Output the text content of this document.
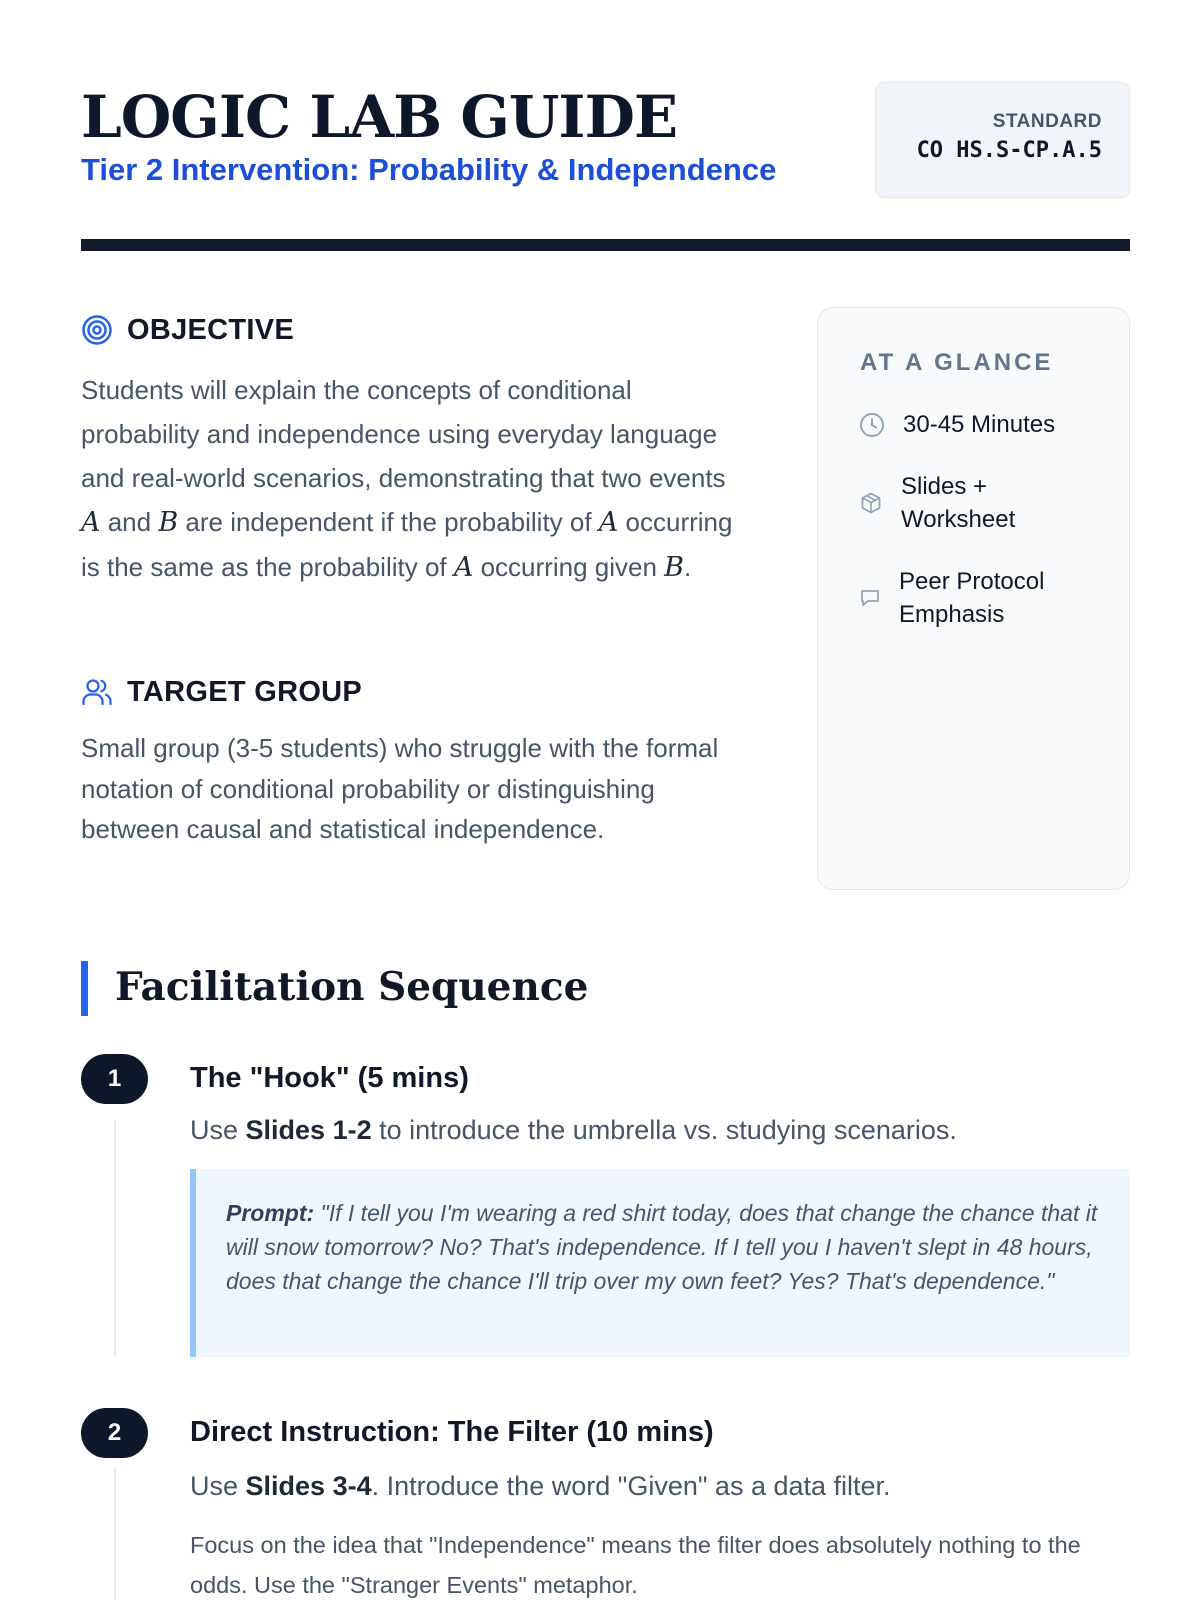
LOGIC LAB GUIDE
Tier 2 Intervention: Probability & Independence
STANDARD
CO HS.S-CP.A.5
OBJECTIVE
Students will explain the concepts of conditional probability and independence using everyday language and real-world scenarios, demonstrating that two events A and B are independent if the probability of A occurring is the same as the probability of A occurring given B.
TARGET GROUP
Small group (3-5 students) who struggle with the formal notation of conditional probability or distinguishing between causal and statistical independence.
AT A GLANCE
30-45 Minutes
Slides + Worksheet
Peer Protocol Emphasis
Facilitation Sequence
1	The "Hook" (5 mins)
Use Slides 1-2 to introduce the umbrella vs. studying scenarios.
Prompt: "If I tell you I'm wearing a red shirt today, does that change the chance that it will snow tomorrow? No? That's independence. If I tell you I haven't slept in 48 hours, does that change the chance I'll trip over my own feet? Yes? That's dependence."
2	Direct Instruction: The Filter (10 mins)
Use Slides 3-4. Introduce the word "Given" as a data filter.
Focus on the idea that "Independence" means the filter does absolutely nothing to the odds. Use the "Stranger Events" metaphor.
